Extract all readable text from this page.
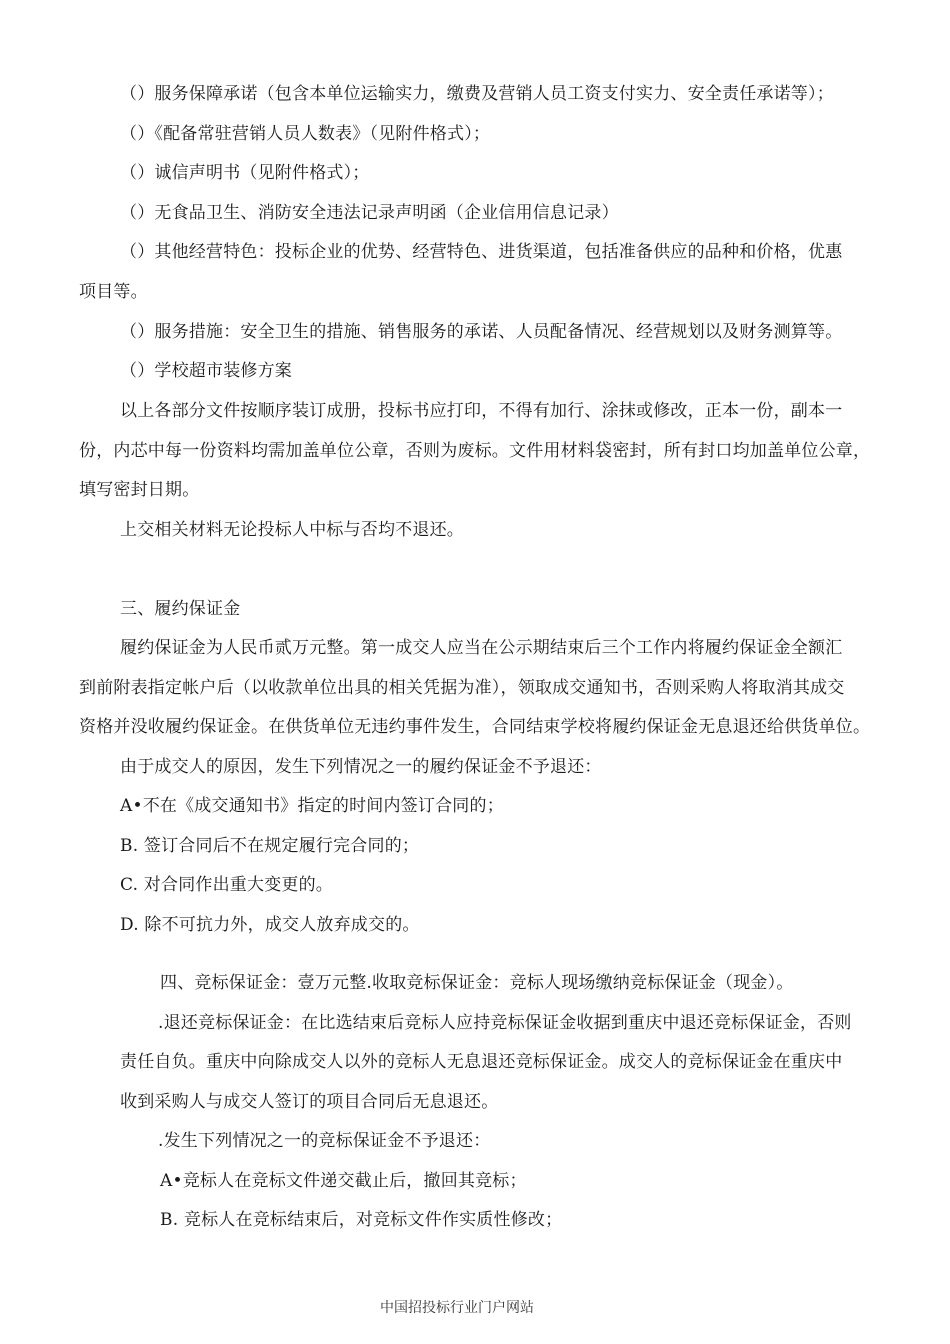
（）服务保障承诺（包含本单位运输实力，缴费及营销人员工资支付实力、安全责任承诺等）；
（）《配备常驻营销人员人数表》（见附件格式）；
（）诚信声明书（见附件格式）；
（）无食品卫生、消防安全违法记录声明函（企业信用信息记录）
（）其他经营特色：投标企业的优势、经营特色、进货渠道，包括准备供应的品种和价格，优惠
项目等。
（）服务措施：安全卫生的措施、销售服务的承诺、人员配备情况、经营规划以及财务测算等。
（）学校超市装修方案
以上各部分文件按顺序装订成册，投标书应打印，不得有加行、涂抹或修改，正本一份，副本一
份，内芯中每一份资料均需加盖单位公章，否则为废标。文件用材料袋密封，所有封口均加盖单位公章，
填写密封日期。
上交相关材料无论投标人中标与否均不退还。
三、履约保证金
履约保证金为人民币贰万元整。第一成交人应当在公示期结束后三个工作内将履约保证金全额汇
到前附表指定帐户后（以收款单位出具的相关凭据为准），领取成交通知书，否则采购人将取消其成交
资格并没收履约保证金。在供货单位无违约事件发生，合同结束学校将履约保证金无息退还给供货单位。
由于成交人的原因，发生下列情况之一的履约保证金不予退还：
A•不在《成交通知书》指定的时间内签订合同的；
B. 签订合同后不在规定履行完合同的；
C. 对合同作出重大变更的。
D. 除不可抗力外，成交人放弃成交的。
四、竞标保证金：壹万元整.收取竞标保证金：竞标人现场缴纳竞标保证金（现金）。
.退还竞标保证金：在比选结束后竞标人应持竞标保证金收据到重庆中退还竞标保证金，否则
责任自负。重庆中向除成交人以外的竞标人无息退还竞标保证金。成交人的竞标保证金在重庆中
收到采购人与成交人签订的项目合同后无息退还。
.发生下列情况之一的竞标保证金不予退还：
A•竞标人在竞标文件递交截止后，撤回其竞标；
B. 竞标人在竞标结束后，对竞标文件作实质性修改；
中国招投标行业门户网站
